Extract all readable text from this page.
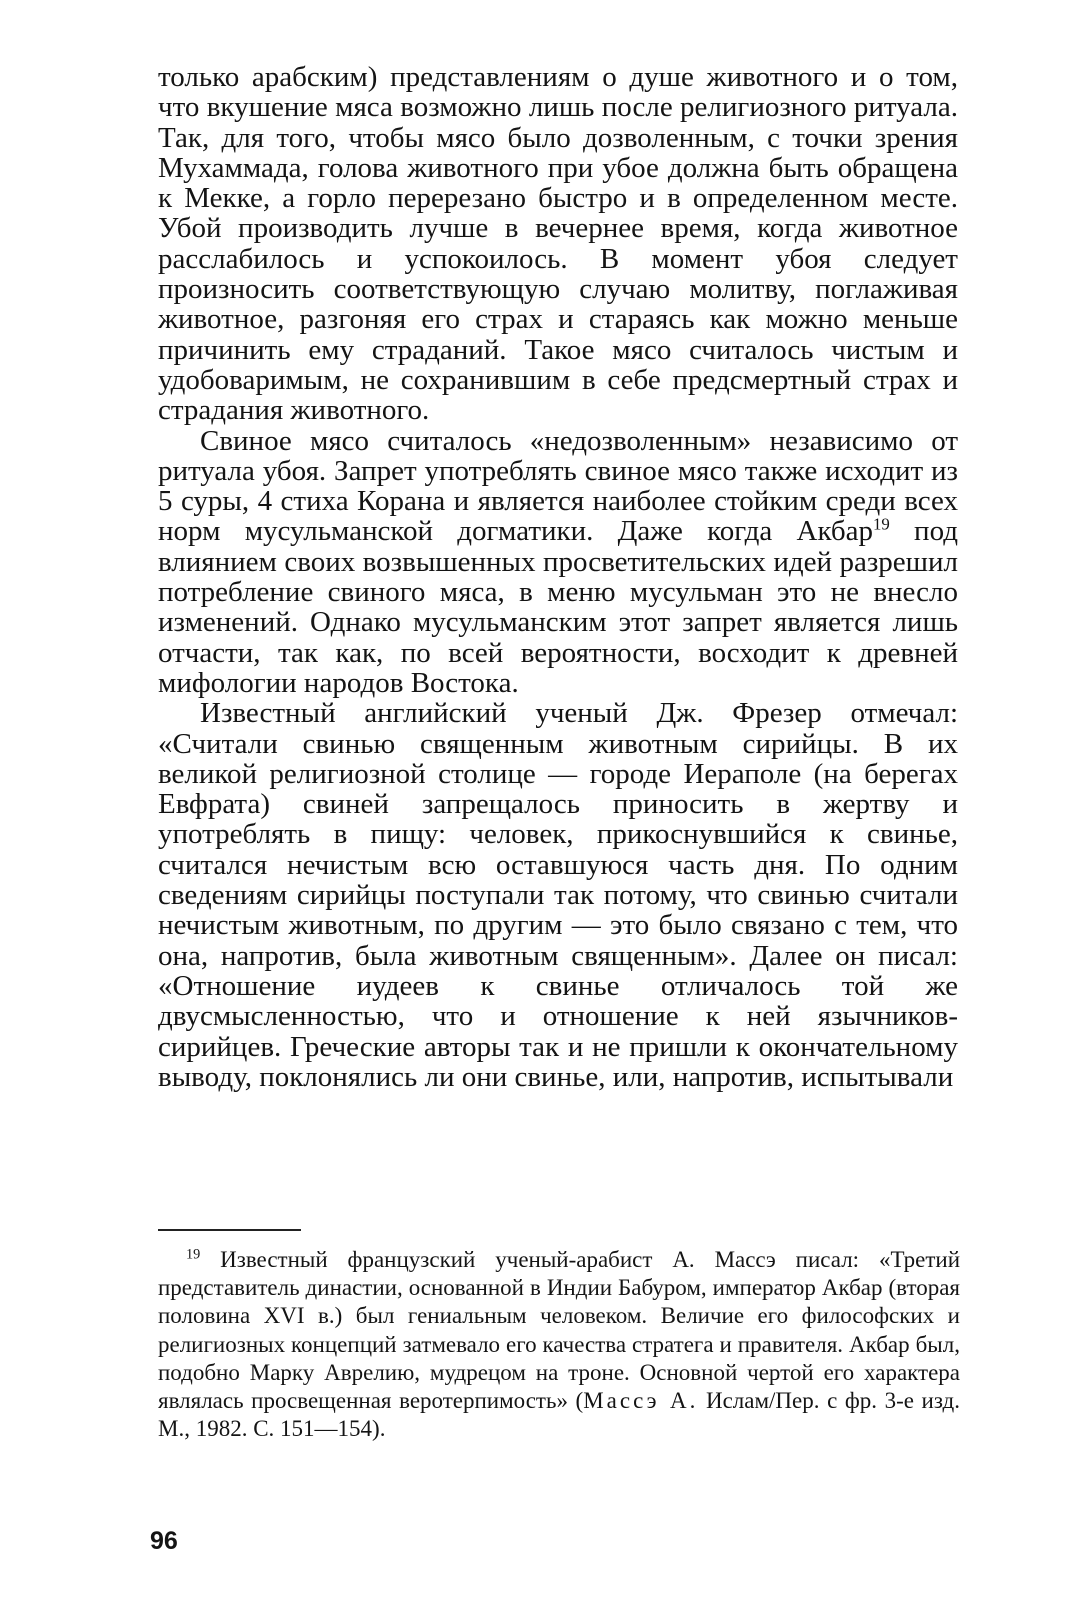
только арабским) представлениям о душе животного и о том, что вкушение мяса возможно лишь после религиозного ритуала. Так, для того, чтобы мясо было дозволенным, с точки зрения Мухаммада, голова животного при убое должна быть обращена к Мекке, а горло перерезано быстро и в определенном месте. Убой производить лучше в вечернее время, когда животное расслабилось и успокоилось. В момент убоя следует произносить соответствующую случаю молитву, поглаживая животное, разгоняя его страх и стараясь как можно меньше причинить ему страданий. Такое мясо считалось чистым и удобоваримым, не сохранившим в себе предсмертный страх и страдания животного.

Свиное мясо считалось «недозволенным» независимо от ритуала убоя. Запрет употреблять свиное мясо также исходит из 5 суры, 4 стиха Корана и является наиболее стойким среди всех норм мусульманской догматики. Даже когда Акбар$^{19}$ под влиянием своих возвышенных просветительских идей разрешил потребление свиного мяса, в меню мусульман это не внесло изменений. Однако мусульманским этот запрет является лишь отчасти, так как, по всей вероятности, восходит к древней мифологии народов Востока.

Известный английский ученый Дж. Фрезер отмечал: «Считали свинью священным животным сирийцы. В их великой религиозной столице — городе Иераполе (на берегах Евфрата) свиней запрещалось приносить в жертву и употреблять в пищу: человек, прикоснувшийся к свинье, считался нечистым всю оставшуюся часть дня. По одним сведениям сирийцы поступали так потому, что свинью считали нечистым животным, по другим — это было связано с тем, что она, напротив, была животным священным». Далее он писал: «Отношение иудеев к свинье отличалось той же двусмысленностью, что и отношение к ней язычников-сирийцев. Греческие авторы так и не пришли к окончательному выводу, поклонялись ли они свинье, или, напротив, испытывали

$^{19}$ Известный французский ученый-арабист А. Массэ писал: «Третий представитель династии, основанной в Индии Бабуром, император Акбар (вторая половина XVI в.) был гениальным человеком. Величие его философских и религиозных концепций затмевало его качества стратега и правителя. Акбар был, подобно Марку Аврелию, мудрецом на троне. Основной чертой его характера являлась просвещенная веротерпимость» (Массэ А. Ислам/Пер. с фр. 3-е изд. М., 1982. С. 151—154).

96
